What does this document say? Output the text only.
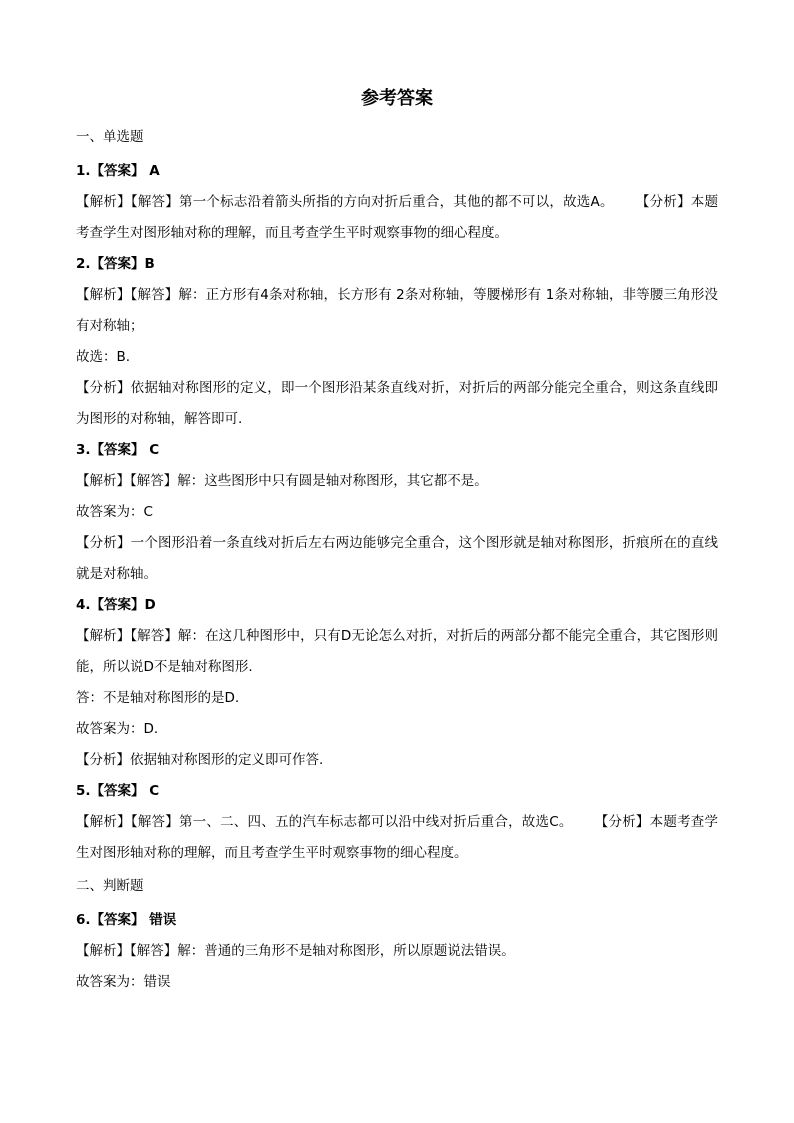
参考答案
一、单选题

1.【答案】 A

【解析】【解答】第一个标志沿着箭头所指的方向对折后重合，其他的都不可以，故选A。 【分析】本题考查学生对图形轴对称的理解，而且考查学生平时观察事物的细心程度。

2.【答案】B

【解析】【解答】解：正方形有4条对称轴，长方形有 2条对称轴，等腰梯形有 1条对称轴，非等腰三角形没有对称轴；

故选：B.

【分析】依据轴对称图形的定义，即一个图形沿某条直线对折，对折后的两部分能完全重合，则这条直线即为图形的对称轴，解答即可.

3.【答案】 C

【解析】【解答】解：这些图形中只有圆是轴对称图形，其它都不是。

故答案为：C

【分析】一个图形沿着一条直线对折后左右两边能够完全重合，这个图形就是轴对称图形，折痕所在的直线就是对称轴。

4.【答案】D

【解析】【解答】解：在这几种图形中，只有D无论怎么对折，对折后的两部分都不能完全重合，其它图形则能，所以说D不是轴对称图形.

答：不是轴对称图形的是D.

故答案为：D.

【分析】依据轴对称图形的定义即可作答.

5.【答案】 C

【解析】【解答】第一、二、四、五的汽车标志都可以沿中线对折后重合，故选C。 【分析】本题考查学生对图形轴对称的理解，而且考查学生平时观察事物的细心程度。

二、判断题

6.【答案】 错误

【解析】【解答】解：普通的三角形不是轴对称图形，所以原题说法错误。

故答案为：错误
